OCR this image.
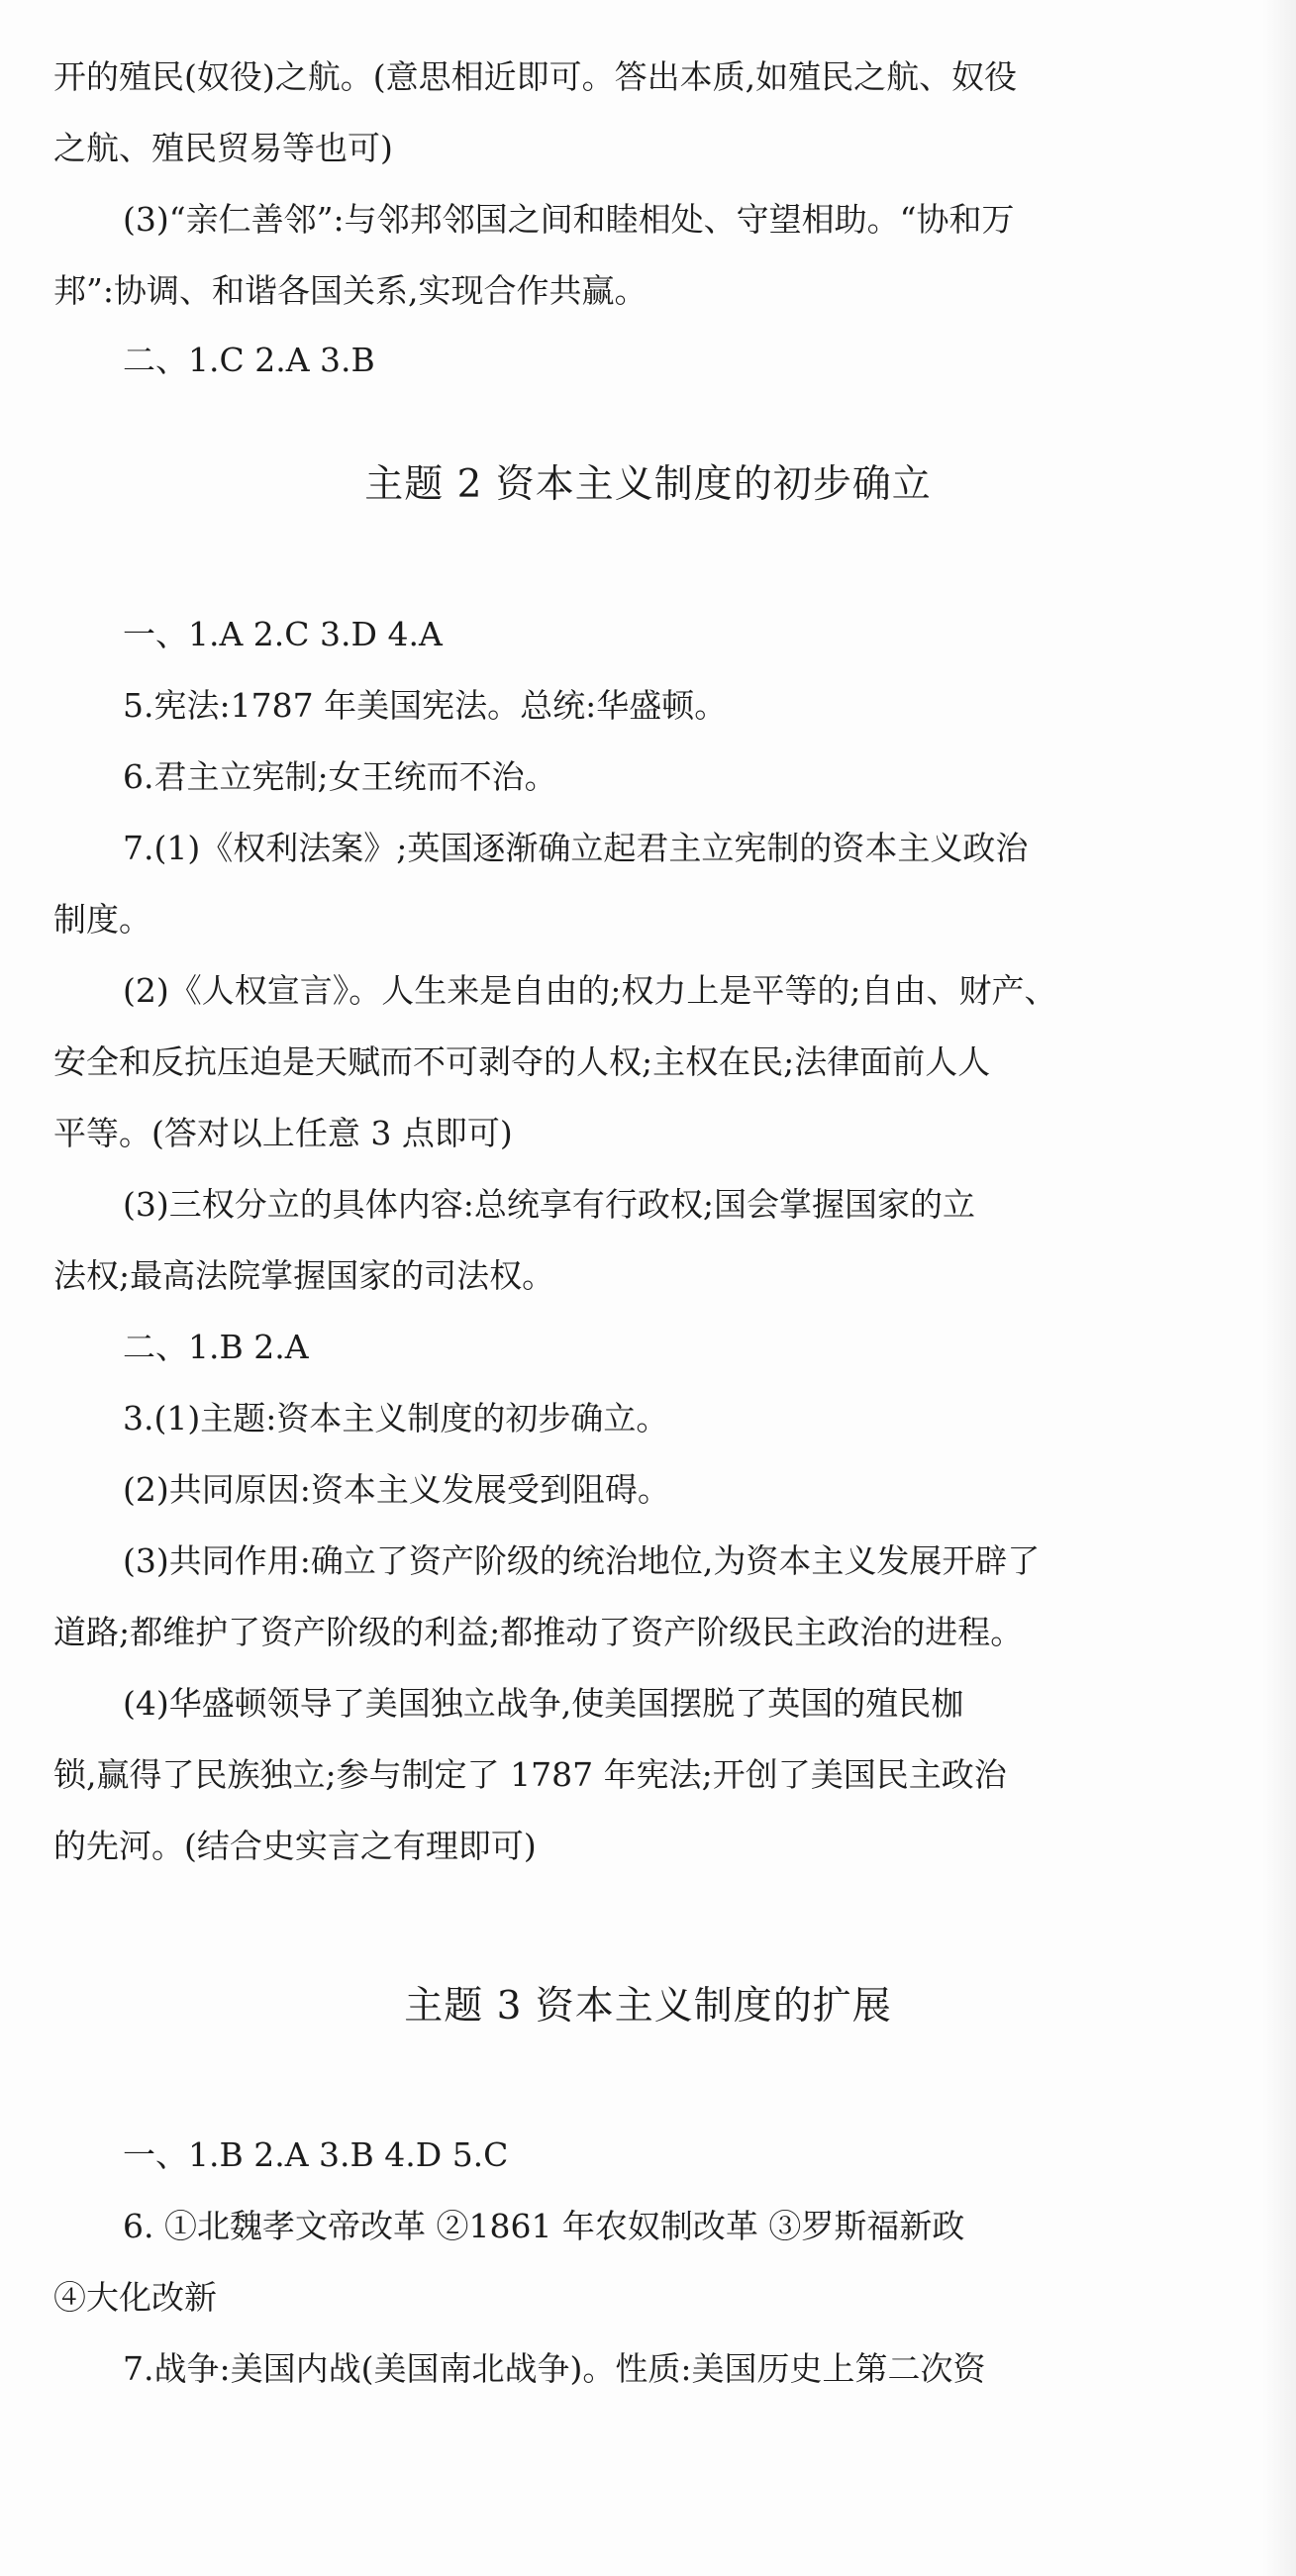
开的殖民(奴役)之航。(意思相近即可。答出本质,如殖民之航、奴役
之航、殖民贸易等也可)
(3)“亲仁善邻”:与邻邦邻国之间和睦相处、守望相助。“协和万
邦”:协调、和谐各国关系,实现合作共赢。
二、1.C 2.A 3.B
主题 2 资本主义制度的初步确立
一、1.A 2.C 3.D 4.A
5.宪法:1787 年美国宪法。总统:华盛顿。
6.君主立宪制;女王统而不治。
7.(1)《权利法案》;英国逐渐确立起君主立宪制的资本主义政治
制度。
(2)《人权宣言》。人生来是自由的;权力上是平等的;自由、财产、
安全和反抗压迫是天赋而不可剥夺的人权;主权在民;法律面前人人
平等。(答对以上任意 3 点即可)
(3)三权分立的具体内容:总统享有行政权;国会掌握国家的立
法权;最高法院掌握国家的司法权。
二、1.B 2.A
3.(1)主题:资本主义制度的初步确立。
(2)共同原因:资本主义发展受到阻碍。
(3)共同作用:确立了资产阶级的统治地位,为资本主义发展开辟了
道路;都维护了资产阶级的利益;都推动了资产阶级民主政治的进程。
(4)华盛顿领导了美国独立战争,使美国摆脱了英国的殖民枷
锁,赢得了民族独立;参与制定了 1787 年宪法;开创了美国民主政治
的先河。(结合史实言之有理即可)
主题 3 资本主义制度的扩展
一、1.B 2.A 3.B 4.D 5.C
6. ①北魏孝文帝改革 ②1861 年农奴制改革 ③罗斯福新政
④大化改新
7.战争:美国内战(美国南北战争)。性质:美国历史上第二次资
